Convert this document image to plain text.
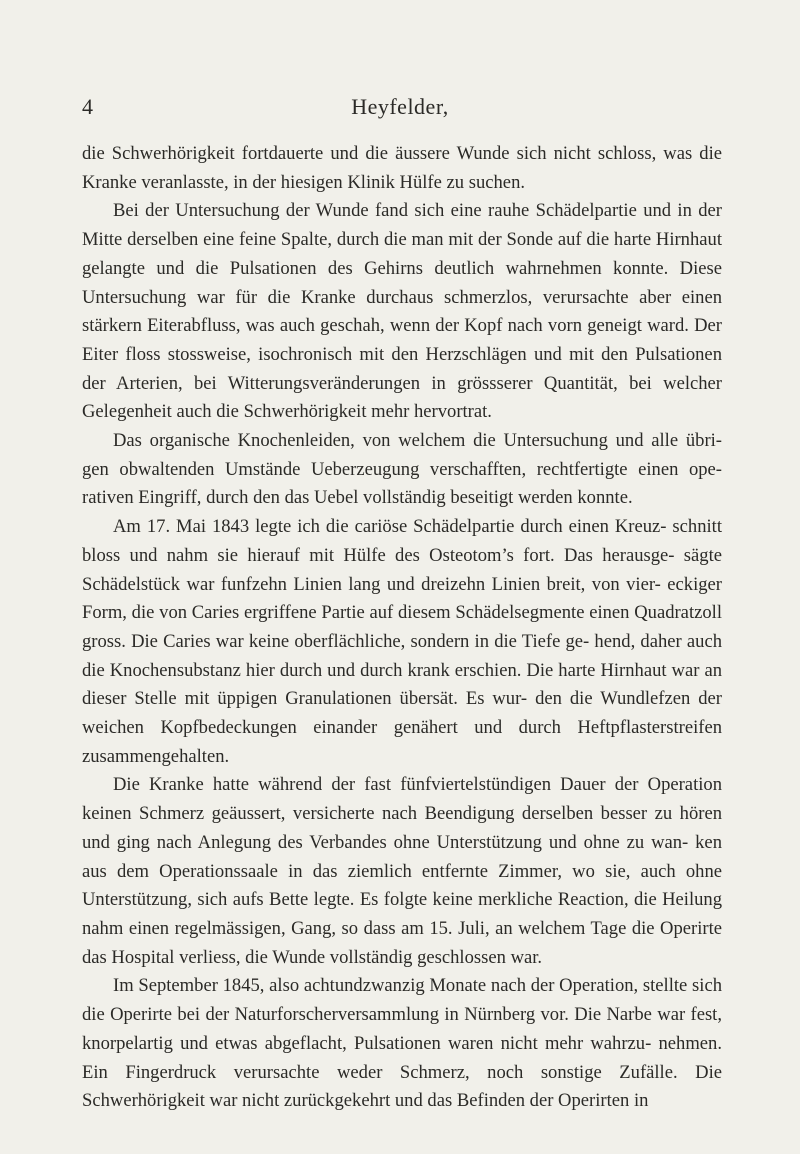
4	Heyfelder,

die Schwerhörigkeit fortdauerte und die äussere Wunde sich nicht schloss, was die Kranke veranlasste, in der hiesigen Klinik Hülfe zu suchen.

Bei der Untersuchung der Wunde fand sich eine rauhe Schädelpartie und in der Mitte derselben eine feine Spalte, durch die man mit der Sonde auf die harte Hirnhaut gelangte und die Pulsationen des Gehirns deutlich wahrnehmen konnte. Diese Untersuchung war für die Kranke durchaus schmerzlos, verursachte aber einen stärkern Eiterabfluss, was auch geschah, wenn der Kopf nach vorn geneigt ward. Der Eiter floss stossweise, isochronisch mit den Herzschlägen und mit den Pulsationen der Arterien, bei Witterungsveränderungen in grössserer Quantität, bei welcher Gelegenheit auch die Schwerhörigkeit mehr hervortrat.

Das organische Knochenleiden, von welchem die Untersuchung und alle übri- gen obwaltenden Umstände Ueberzeugung verschafften, rechtfertigte einen ope- rativen Eingriff, durch den das Uebel vollständig beseitigt werden konnte.

Am 17. Mai 1843 legte ich die cariöse Schädelpartie durch einen Kreuz- schnitt bloss und nahm sie hierauf mit Hülfe des Osteotom’s fort. Das herausge- sägte Schädelstück war funfzehn Linien lang und dreizehn Linien breit, von vier- eckiger Form, die von Caries ergriffene Partie auf diesem Schädelsegmente einen Quadratzoll gross. Die Caries war keine oberflächliche, sondern in die Tiefe ge- hend, daher auch die Knochensubstanz hier durch und durch krank erschien. Die harte Hirnhaut war an dieser Stelle mit üppigen Granulationen übersät. Es wur- den die Wundlefzen der weichen Kopfbedeckungen einander genähert und durch Heftpflasterstreifen zusammengehalten.

Die Kranke hatte während der fast fünfviertelstündigen Dauer der Operation keinen Schmerz geäussert, versicherte nach Beendigung derselben besser zu hören und ging nach Anlegung des Verbandes ohne Unterstützung und ohne zu wan- ken aus dem Operationssaale in das ziemlich entfernte Zimmer, wo sie, auch ohne Unterstützung, sich aufs Bette legte. Es folgte keine merkliche Reaction, die Heilung nahm einen regelmässigen, Gang, so dass am 15. Juli, an welchem Tage die Operirte das Hospital verliess, die Wunde vollständig geschlossen war.

Im September 1845, also achtundzwanzig Monate nach der Operation, stellte sich die Operirte bei der Naturforscherversammlung in Nürnberg vor. Die Narbe war fest, knorpelartig und etwas abgeflacht, Pulsationen waren nicht mehr wahrzu- nehmen. Ein Fingerdruck verursachte weder Schmerz, noch sonstige Zufälle. Die Schwerhörigkeit war nicht zurückgekehrt und das Befinden der Operirten in
